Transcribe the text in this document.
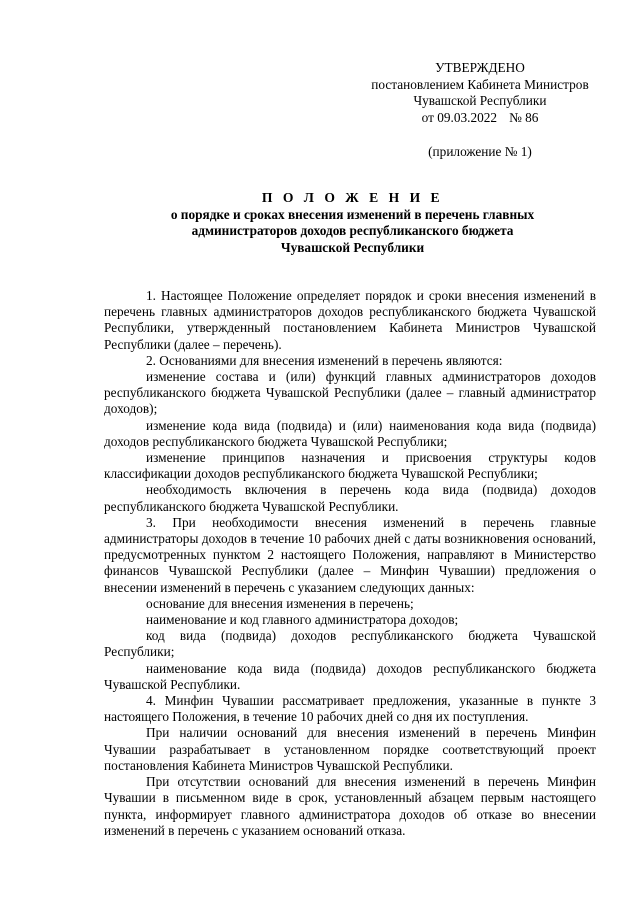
УТВЕРЖДЕНО
постановлением Кабинета Министров
Чувашской Республики
от 09.03.2022 № 86
(приложение № 1)
П О Л О Ж Е Н И Е
о порядке и сроках внесения изменений в перечень главных
администраторов доходов республиканского бюджета
Чувашской Республики

1. Настоящее Положение определяет порядок и сроки внесения изменений в перечень главных администраторов доходов республиканского бюджета Чувашской Республики, утвержденный постановлением Кабинета Министров Чувашской Республики (далее – перечень).

2. Основаниями для внесения изменений в перечень являются:

изменение состава и (или) функций главных администраторов доходов республиканского бюджета Чувашской Республики (далее – главный администратор доходов);

изменение кода вида (подвида) и (или) наименования кода вида (подвида) доходов республиканского бюджета Чувашской Республики;

изменение принципов назначения и присвоения структуры кодов классификации доходов республиканского бюджета Чувашской Республики;

необходимость включения в перечень кода вида (подвида) доходов республиканского бюджета Чувашской Республики.

3. При необходимости внесения изменений в перечень главные администраторы доходов в течение 10 рабочих дней с даты возникновения оснований, предусмотренных пунктом 2 настоящего Положения, направляют в Министерство финансов Чувашской Республики (далее – Минфин Чувашии) предложения о внесении изменений в перечень с указанием следующих данных:

основание для внесения изменения в перечень;

наименование и код главного администратора доходов;

код вида (подвида) доходов республиканского бюджета Чувашской Республики;

наименование кода вида (подвида) доходов республиканского бюджета Чувашской Республики.

4. Минфин Чувашии рассматривает предложения, указанные в пункте 3 настоящего Положения, в течение 10 рабочих дней со дня их поступления.

При наличии оснований для внесения изменений в перечень Минфин Чувашии разрабатывает в установленном порядке соответствующий проект постановления Кабинета Министров Чувашской Республики.

При отсутствии оснований для внесения изменений в перечень Минфин Чувашии в письменном виде в срок, установленный абзацем первым настоящего пункта, информирует главного администратора доходов об отказе во внесении изменений в перечень с указанием оснований отказа.
